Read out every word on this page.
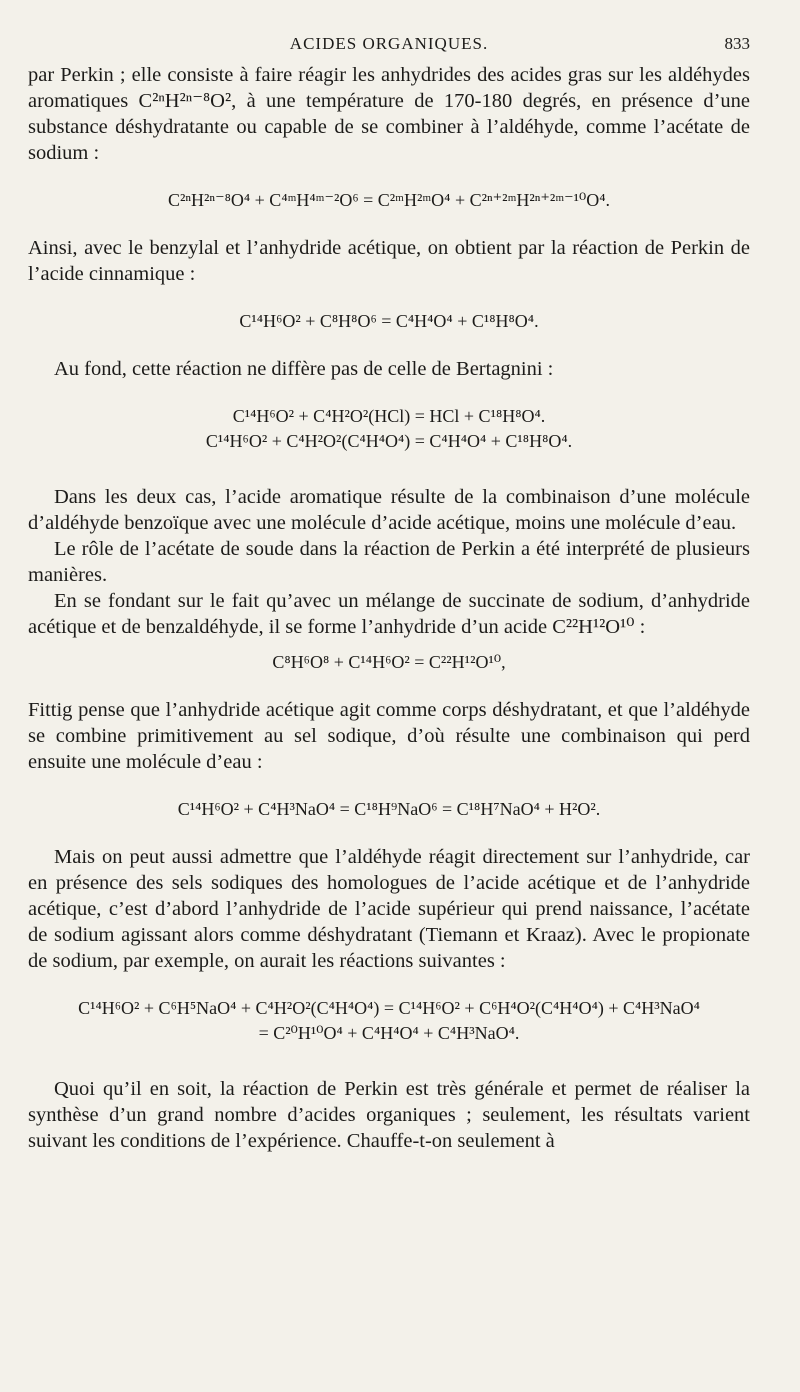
ACIDES ORGANIQUES.	833

par Perkin ; elle consiste à faire réagir les anhydrides des acides gras sur les aldéhydes aromatiques C²ⁿH²ⁿ⁻⁸O², à une température de 170-180 degrés, en présence d’une substance déshydratante ou capable de se combiner à l’aldéhyde, comme l’acétate de sodium :

C²ⁿH²ⁿ⁻⁸O⁴ + C⁴ᵐH⁴ᵐ⁻²O⁶ = C²ᵐH²ᵐO⁴ + C²ⁿ⁺²ᵐH²ⁿ⁺²ᵐ⁻¹⁰O⁴.

Ainsi, avec le benzylal et l’anhydride acétique, on obtient par la réaction de Perkin de l’acide cinnamique :

C¹⁴H⁶O² + C⁸H⁸O⁶ = C⁴H⁴O⁴ + C¹⁸H⁸O⁴.

Au fond, cette réaction ne diffère pas de celle de Bertagnini :

C¹⁴H⁶O² + C⁴H²O²(HCl) = HCl + C¹⁸H⁸O⁴.
C¹⁴H⁶O² + C⁴H²O²(C⁴H⁴O⁴) = C⁴H⁴O⁴ + C¹⁸H⁸O⁴.

Dans les deux cas, l’acide aromatique résulte de la combinaison d’une molécule d’aldéhyde benzoïque avec une molécule d’acide acétique, moins une molécule d’eau.

Le rôle de l’acétate de soude dans la réaction de Perkin a été interprété de plusieurs manières.

En se fondant sur le fait qu’avec un mélange de succinate de sodium, d’anhydride acétique et de benzaldéhyde, il se forme l’anhydride d’un acide C²²H¹²O¹⁰ :

C⁸H⁶O⁸ + C¹⁴H⁶O² = C²²H¹²O¹⁰,

Fittig pense que l’anhydride acétique agit comme corps déshydratant, et que l’aldéhyde se combine primitivement au sel sodique, d’où résulte une combinaison qui perd ensuite une molécule d’eau :

C¹⁴H⁶O² + C⁴H³NaO⁴ = C¹⁸H⁹NaO⁶ = C¹⁸H⁷NaO⁴ + H²O².

Mais on peut aussi admettre que l’aldéhyde réagit directement sur l’anhydride, car en présence des sels sodiques des homologues de l’acide acétique et de l’anhydride acétique, c’est d’abord l’anhydride de l’acide supérieur qui prend naissance, l’acétate de sodium agissant alors comme déshydratant (Tiemann et Kraaz). Avec le propionate de sodium, par exemple, on aurait les réactions suivantes :

C¹⁴H⁶O² + C⁶H⁵NaO⁴ + C⁴H²O²(C⁴H⁴O⁴) = C¹⁴H⁶O² + C⁶H⁴O²(C⁴H⁴O⁴) + C⁴H³NaO⁴
= C²⁰H¹⁰O⁴ + C⁴H⁴O⁴ + C⁴H³NaO⁴.

Quoi qu’il en soit, la réaction de Perkin est très générale et permet de réaliser la synthèse d’un grand nombre d’acides organiques ; seulement, les résultats varient suivant les conditions de l’expérience. Chauffe-t-on seulement à
